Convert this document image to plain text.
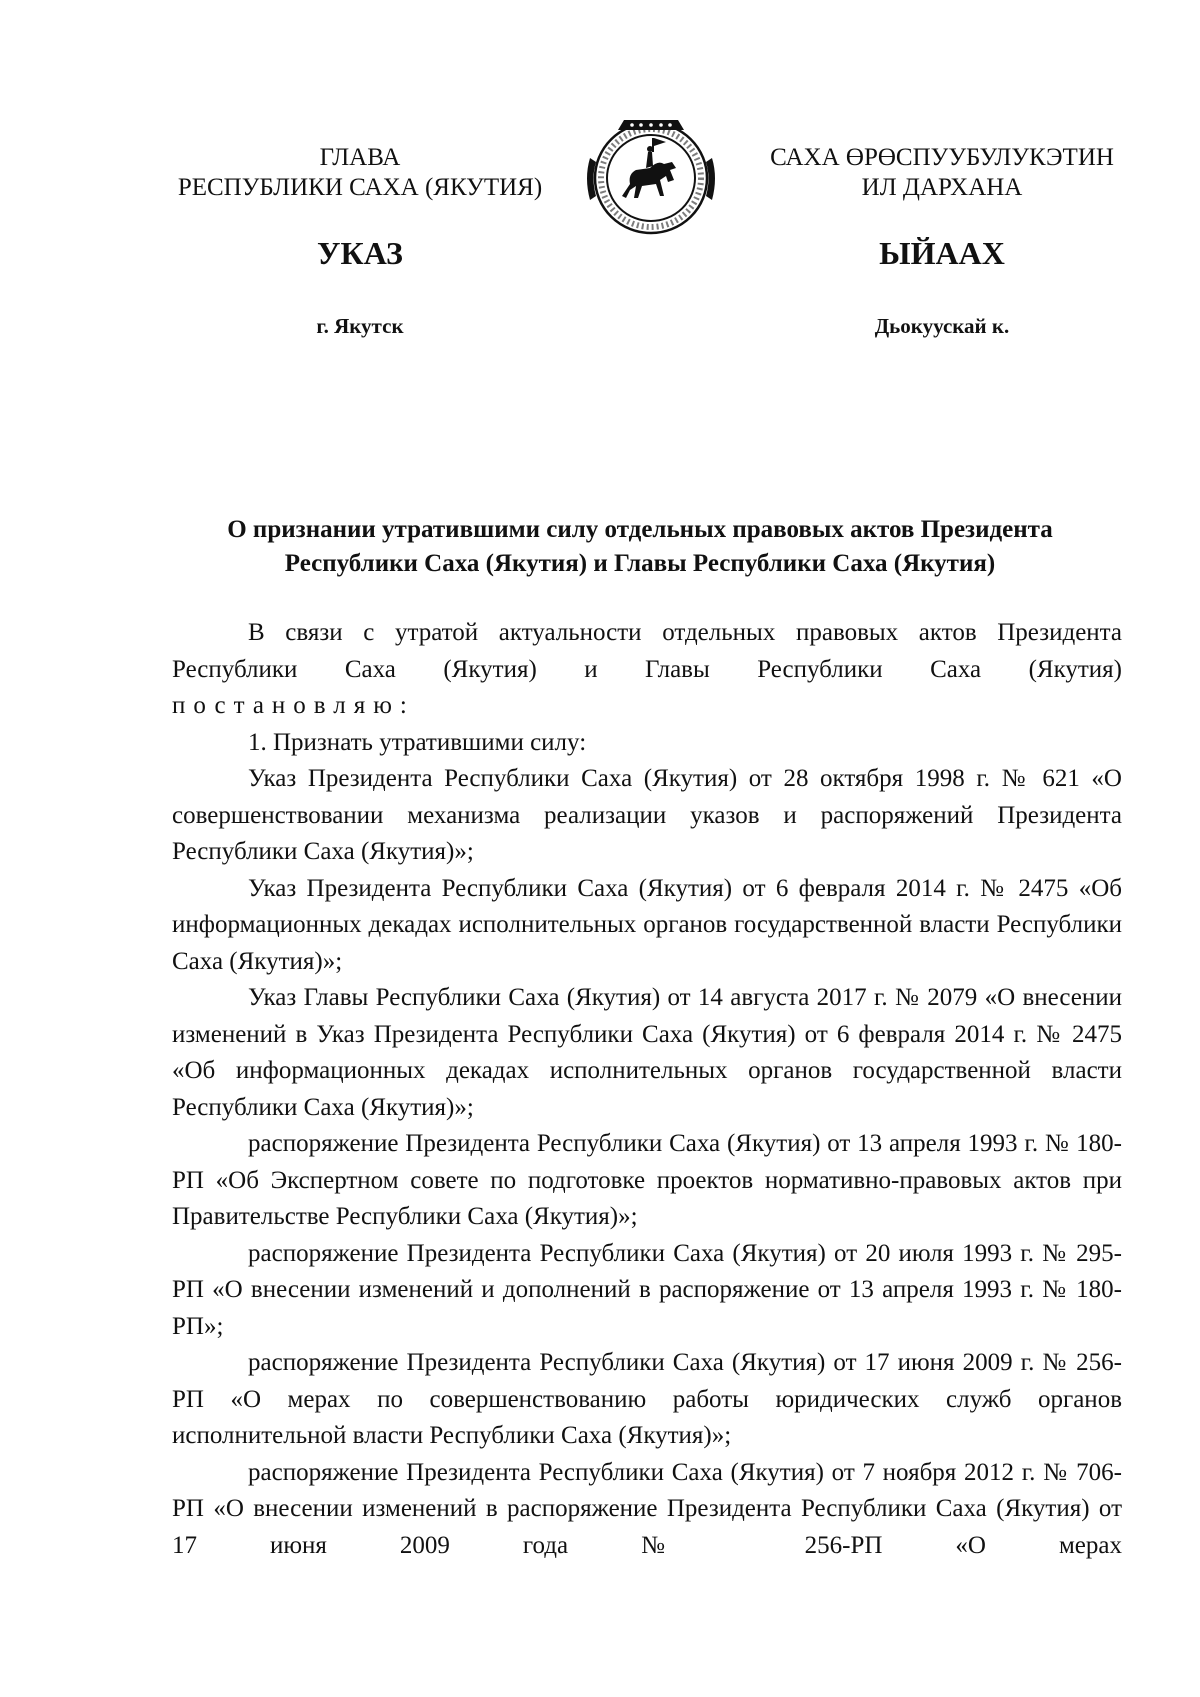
ГЛАВА
РЕСПУБЛИКИ САХА (ЯКУТИЯ)
САХА ӨРӨСПУУБУЛУКЭТИН
ИЛ ДАРХАНА
УКАЗ	ЫЙААХ
г. Якутск	Дьокуускай к.
О признании утратившими силу отдельных правовых актов Президента
Республики Саха (Якутия) и Главы Республики Саха (Якутия)

В связи с утратой актуальности отдельных правовых актов Президента Республики Саха (Якутия) и Главы Республики Саха (Якутия)

постановляю:

1. Признать утратившими силу:

Указ Президента Республики Саха (Якутия) от 28 октября 1998 г. № 621 «О совершенствовании механизма реализации указов и распоряжений Президента Республики Саха (Якутия)»;

Указ Президента Республики Саха (Якутия) от 6 февраля 2014 г. № 2475 «Об информационных декадах исполнительных органов государственной власти Республики Саха (Якутия)»;

Указ Главы Республики Саха (Якутия) от 14 августа 2017 г. № 2079 «О внесении изменений в Указ Президента Республики Саха (Якутия) от 6 февраля 2014 г. № 2475 «Об информационных декадах исполнительных органов государственной власти Республики Саха (Якутия)»;

распоряжение Президента Республики Саха (Якутия) от 13 апреля 1993 г. № 180-РП «Об Экспертном совете по подготовке проектов нормативно-правовых актов при Правительстве Республики Саха (Якутия)»;

распоряжение Президента Республики Саха (Якутия) от 20 июля 1993 г. № 295-РП «О внесении изменений и дополнений в распоряжение от 13 апреля 1993 г. № 180-РП»;

распоряжение Президента Республики Саха (Якутия) от 17 июня 2009 г. № 256-РП «О мерах по совершенствованию работы юридических служб органов исполнительной власти Республики Саха (Якутия)»;

распоряжение Президента Республики Саха (Якутия) от 7 ноября 2012 г. № 706-РП «О внесении изменений в распоряжение Президента Республики Саха (Якутия) от 17 июня 2009 года № 256-РП «О мерах
